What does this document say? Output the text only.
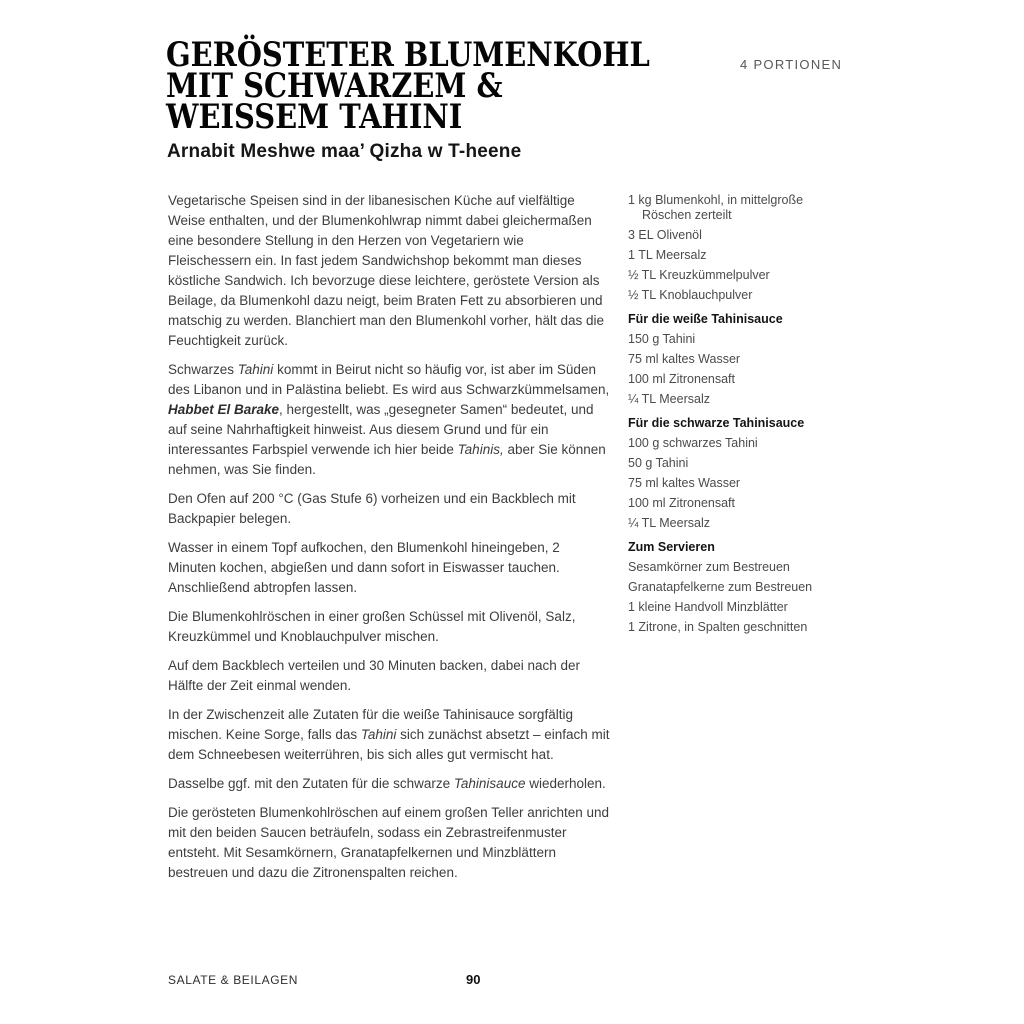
4 PORTIONEN
GERÖSTETER BLUMENKOHL
MIT SCHWARZEM &
WEISSEM TAHINI
Arnabit Meshwe maa’ Qizha w T-heene

Vegetarische Speisen sind in der libanesischen Küche auf vielfältige Weise enthalten, und der Blumenkohlwrap nimmt dabei gleichermaßen eine besondere Stellung in den Herzen von Vegetariern wie Fleischessern ein. In fast jedem Sandwichshop bekommt man dieses köstliche Sandwich. Ich bevorzuge diese leichtere, geröstete Version als Beilage, da Blumenkohl dazu neigt, beim Braten Fett zu absorbieren und matschig zu werden. Blanchiert man den Blumenkohl vorher, hält das die Feuchtigkeit zurück.

Schwarzes Tahini kommt in Beirut nicht so häufig vor, ist aber im Süden des Libanon und in Palästina beliebt. Es wird aus Schwarzkümmelsamen, Habbet El Barake, hergestellt, was „gesegneter Samen“ bedeutet, und auf seine Nahrhaftigkeit hinweist. Aus diesem Grund und für ein interessantes Farbspiel verwende ich hier beide Tahinis, aber Sie können nehmen, was Sie finden.

Den Ofen auf 200 °C (Gas Stufe 6) vorheizen und ein Backblech mit Backpapier belegen.

Wasser in einem Topf aufkochen, den Blumenkohl hineingeben, 2 Minuten kochen, abgießen und dann sofort in Eiswasser tauchen. Anschließend abtropfen lassen.

Die Blumenkohlröschen in einer großen Schüssel mit Olivenöl, Salz, Kreuzkümmel und Knoblauchpulver mischen.

Auf dem Backblech verteilen und 30 Minuten backen, dabei nach der Hälfte der Zeit einmal wenden.

In der Zwischenzeit alle Zutaten für die weiße Tahinisauce sorgfältig mischen. Keine Sorge, falls das Tahini sich zunächst absetzt – einfach mit dem Schneebesen weiterrühren, bis sich alles gut vermischt hat.

Dasselbe ggf. mit den Zutaten für die schwarze Tahinisauce wiederholen.

Die gerösteten Blumenkohlröschen auf einem großen Teller anrichten und mit den beiden Saucen beträufeln, sodass ein Zebrastreifenmuster entsteht. Mit Sesamkörnern, Granatapfelkernen und Minzblättern bestreuen und dazu die Zitronenspalten reichen.

1 kg Blumenkohl, in mittelgroße Röschen zerteilt
3 EL Olivenöl
1 TL Meersalz
½ TL Kreuzkümmelpulver
½ TL Knoblauchpulver
Für die weiße Tahinisauce
150 g Tahini
75 ml kaltes Wasser
100 ml Zitronensaft
¼ TL Meersalz
Für die schwarze Tahinisauce
100 g schwarzes Tahini
50 g Tahini
75 ml kaltes Wasser
100 ml Zitronensaft
¼ TL Meersalz
Zum Servieren
Sesamkörner zum Bestreuen
Granatapfelkerne zum Bestreuen
1 kleine Handvoll Minzblätter
1 Zitrone, in Spalten geschnitten
SALATE & BEILAGEN	90
